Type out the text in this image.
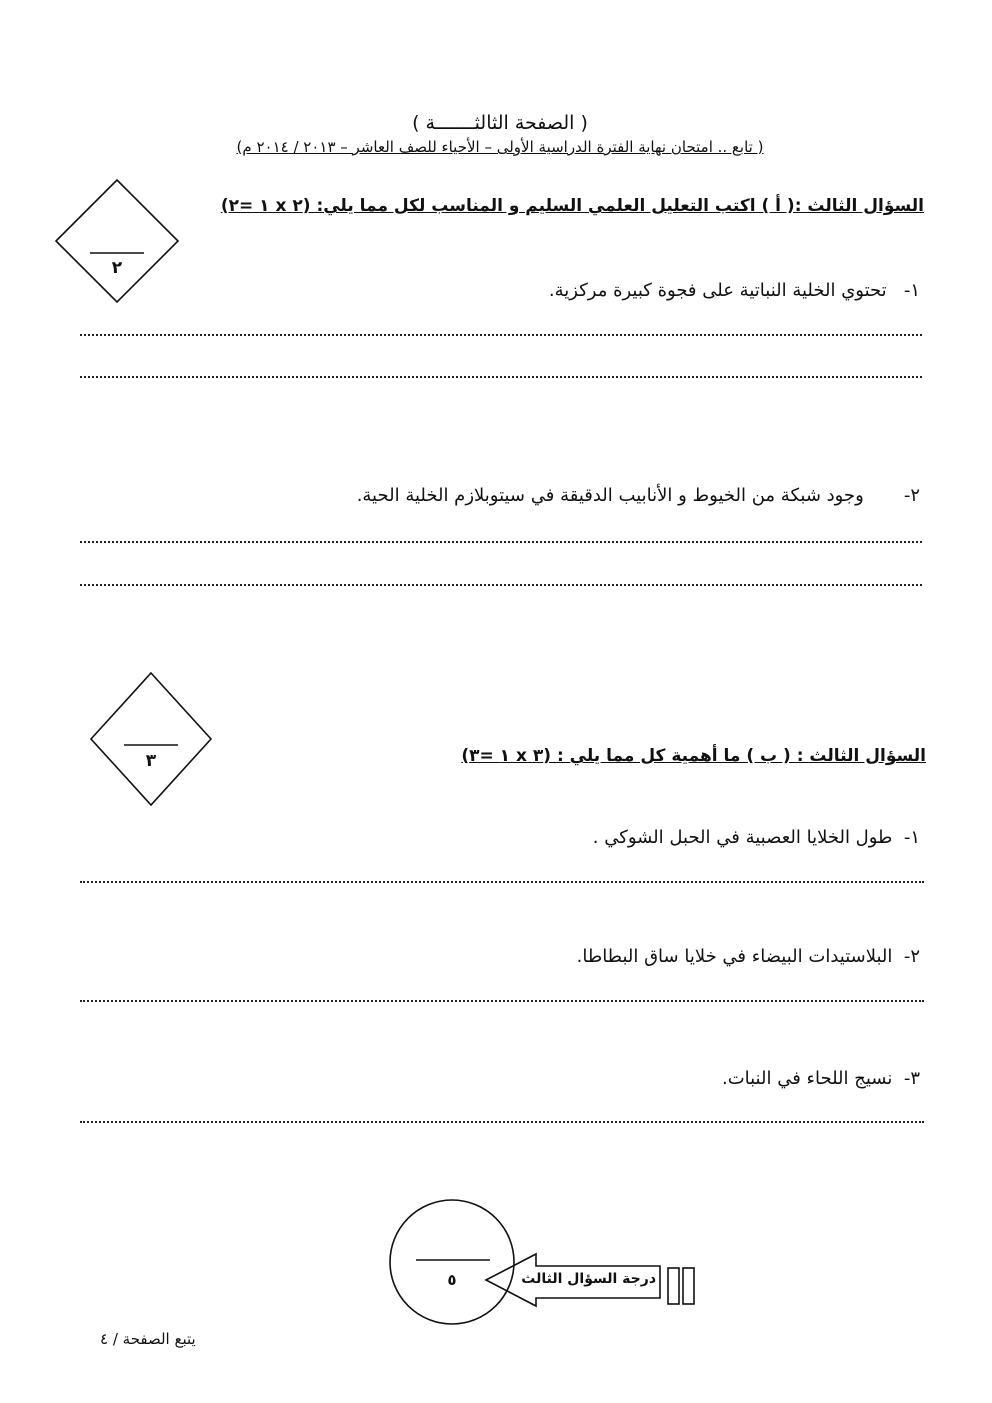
( الصفحة الثالثـــــــة )
( تابع .. امتحان نهاية الفترة الدراسية الأولى – الأحياء للصف العاشر – ٢٠١٣ / ٢٠١٤ م)
السؤال الثالث :( أ ) اكتب التعليل العلمي السليم و المناسب لكل مما يلي: (٢ x ١ =٢)
٢
١-   تحتوي الخلية النباتية على فجوة كبيرة مركزية.
٢-       وجود شبكة من الخيوط و الأنابيب الدقيقة في سيتوبلازم الخلية الحية.
السؤال الثالث : ( ب ) ما أهمية كل مما يلي : (٣ x ١ =٣)
٣
١-  طول الخلايا العصبية في الحبل الشوكي .
٢-  البلاستيدات البيضاء في خلايا ساق البطاطا.
٣-  نسيج اللحاء في النبات.
٥	درجة السؤال الثالث
يتبع الصفحة / ٤
